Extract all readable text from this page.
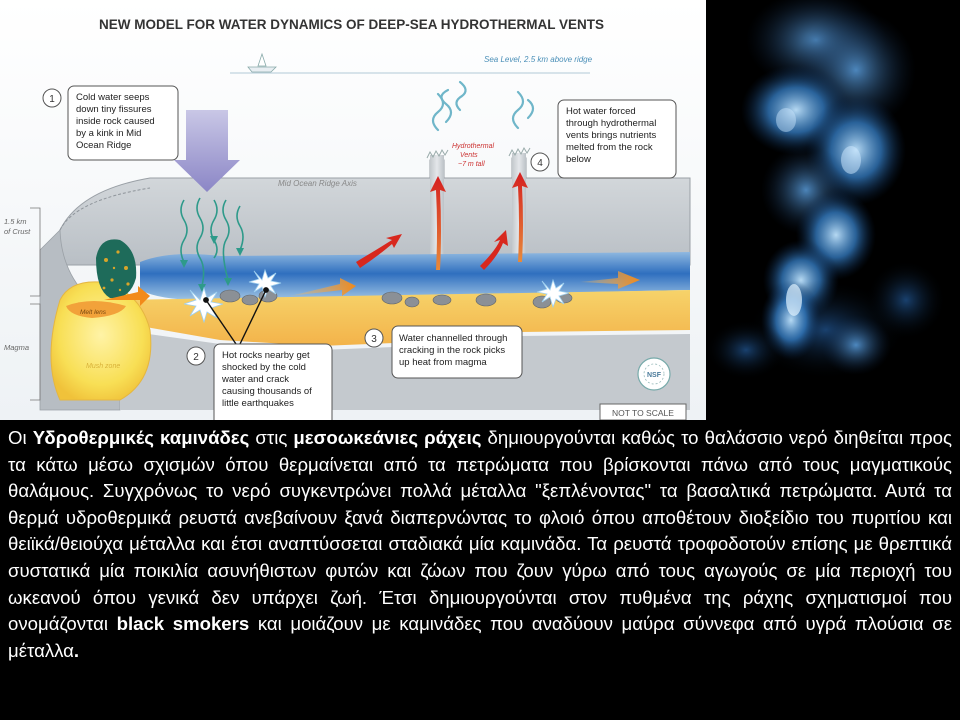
NEW MODEL FOR WATER DYNAMICS OF DEEP-SEA HYDROTHERMAL VENTS
Sea Level, 2.5 km above ridge
Mid Ocean Ridge Axis
Melt lens
Mush zone
1.5 km
of Crust
Magma
Hydrothermal
Vents
~7 m tall
1 Cold water seeps down tiny fissures inside rock caused by a kink in Mid Ocean Ridge
4
Hot water forced through hydrothermal vents brings nutrients melted from the rock below
2 Hot rocks nearby get shocked by the cold water and crack causing thousands of little earthquakes
3 Water channelled through cracking in the rock picks up heat from magma
NSF
NOT TO SCALE

Οι Υδροθερμικές καμινάδες στις μεσοωκεάνιες ράχεις δημιουργούνται καθώς το θαλάσσιο νερό διηθείται προς τα κάτω μέσω σχισμών όπου θερμαίνεται από τα πετρώματα που βρίσκονται πάνω από τους μαγματικούς θαλάμους. Συγχρόνως το νερό συγκεντρώνει πολλά μέταλλα "ξεπλένοντας" τα βασαλτικά πετρώματα. Αυτά τα θερμά υδροθερμικά ρευστά ανεβαίνουν ξανά διαπερνώντας το φλοιό όπου αποθέτουν διοξείδιο του πυριτίου και θειϊκά/θειούχα μέταλλα και έτσι αναπτύσσεται σταδιακά μία καμινάδα. Τα ρευστά τροφοδοτούν επίσης με θρεπτικά συστατικά μία ποικιλία ασυνήθιστων φυτών και ζώων που ζουν γύρω από τους αγωγούς σε μία περιοχή του ωκεανού όπου γενικά δεν υπάρχει ζωή. Έτσι δημιουργούνται στον πυθμένα της ράχης σχηματισμοί που ονομάζονται black smokers και μοιάζουν με καμινάδες που αναδύουν μαύρα σύννεφα από υγρά πλούσια σε μέταλλα.
